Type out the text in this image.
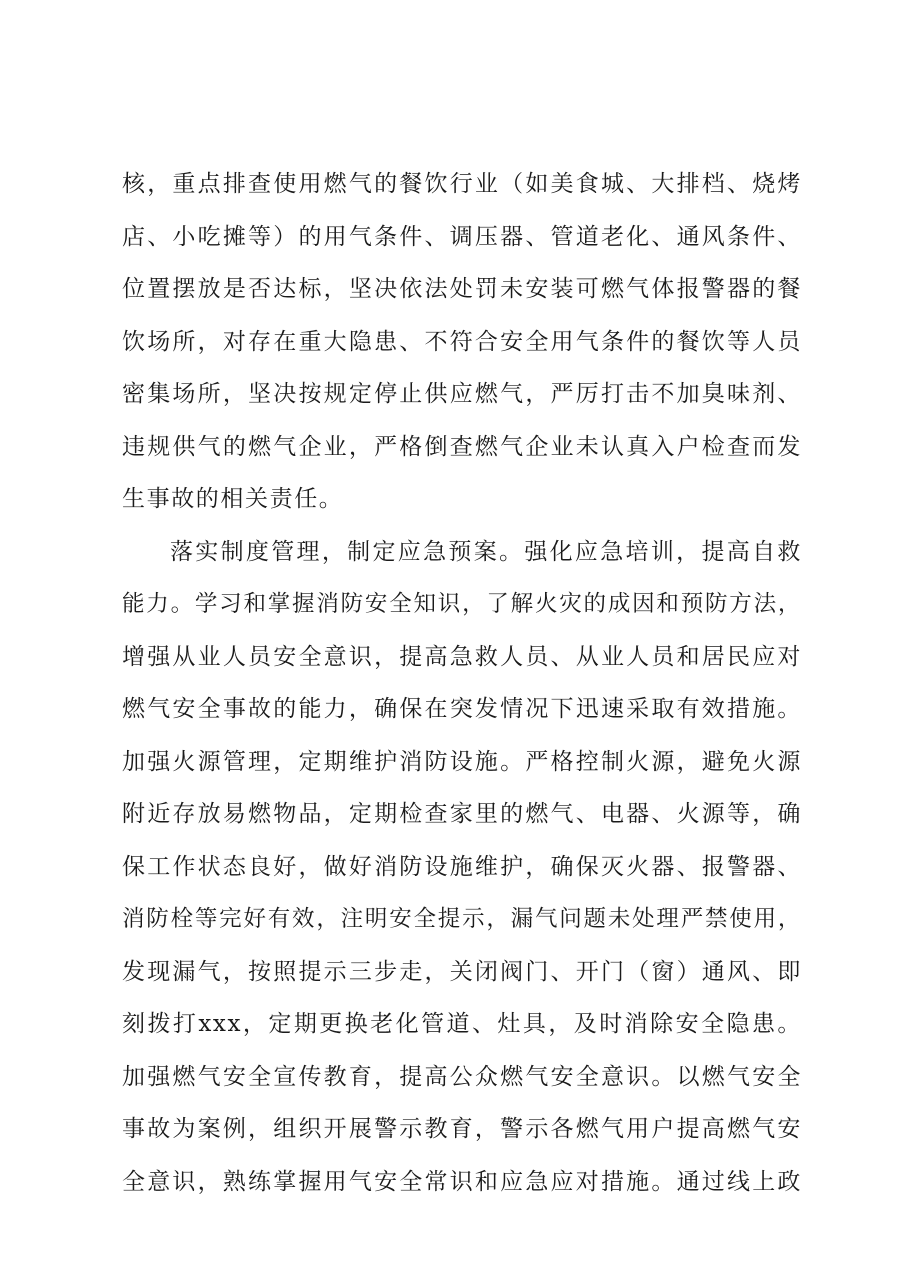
核，重点排查使用燃气的餐饮行业（如美食城、大排档、烧烤
店、小吃摊等）的用气条件、调压器、管道老化、通风条件、
位置摆放是否达标，坚决依法处罚未安装可燃气体报警器的餐
饮场所，对存在重大隐患、不符合安全用气条件的餐饮等人员
密集场所，坚决按规定停止供应燃气，严厉打击不加臭味剂、
违规供气的燃气企业，严格倒查燃气企业未认真入户检查而发
生事故的相关责任。
落实制度管理，制定应急预案。强化应急培训，提高自救
能力。学习和掌握消防安全知识，了解火灾的成因和预防方法，
增强从业人员安全意识，提高急救人员、从业人员和居民应对
燃气安全事故的能力，确保在突发情况下迅速采取有效措施。
加强火源管理，定期维护消防设施。严格控制火源，避免火源
附近存放易燃物品，定期检查家里的燃气、电器、火源等，确
保工作状态良好，做好消防设施维护，确保灭火器、报警器、
消防栓等完好有效，注明安全提示，漏气问题未处理严禁使用，
发现漏气，按照提示三步走，关闭阀门、开门（窗）通风、即
刻拨打xxx，定期更换老化管道、灶具，及时消除安全隐患。
加强燃气安全宣传教育，提高公众燃气安全意识。以燃气安全
事故为案例，组织开展警示教育，警示各燃气用户提高燃气安
全意识，熟练掌握用气安全常识和应急应对措施。通过线上政
